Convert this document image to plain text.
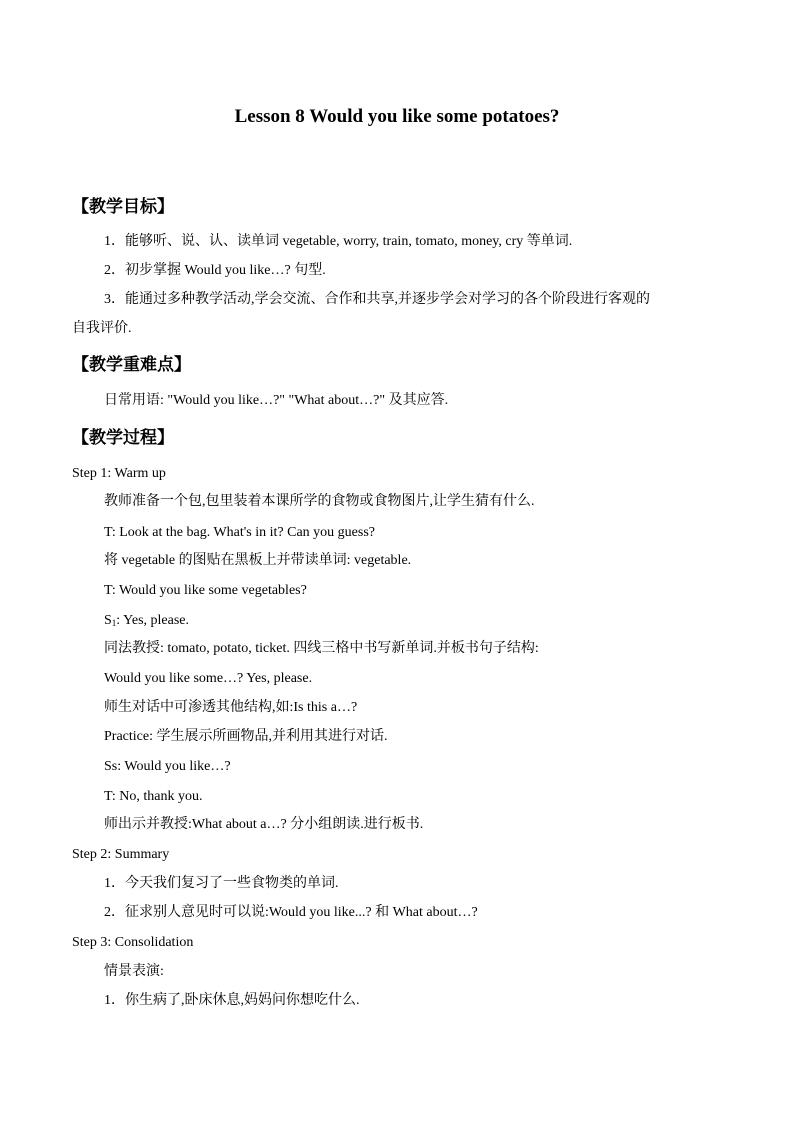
Lesson 8 Would you like some potatoes?
【教学目标】
1．能够听、说、认、读单词 vegetable, worry, train, tomato, money, cry 等单词.
2．初步掌握 Would you like…? 句型.
3．能通过多种教学活动,学会交流、合作和共享,并逐步学会对学习的各个阶段进行客观的
自我评价.
【教学重难点】
日常用语: "Would you like…?" "What about…?" 及其应答.
【教学过程】
Step 1: Warm up
教师准备一个包,包里装着本课所学的食物或食物图片,让学生猜有什么.
T: Look at the bag. What's in it? Can you guess?
将 vegetable 的图贴在黑板上并带读单词: vegetable.
T: Would you like some vegetables?
$S_1$: Yes, please.
同法教授: tomato, potato, ticket. 四线三格中书写新单词.并板书句子结构:
Would you like some…? Yes, please.
师生对话中可渗透其他结构,如:Is this a…?
Practice: 学生展示所画物品,并利用其进行对话.
Ss: Would you like…?
T: No, thank you.
师出示并教授:What about a…? 分小组朗读.进行板书.
Step 2: Summary
1．今天我们复习了一些食物类的单词.
2．征求别人意见时可以说:Would you like...? 和 What about…?
Step 3: Consolidation
情景表演:
1．你生病了,卧床休息,妈妈问你想吃什么.
